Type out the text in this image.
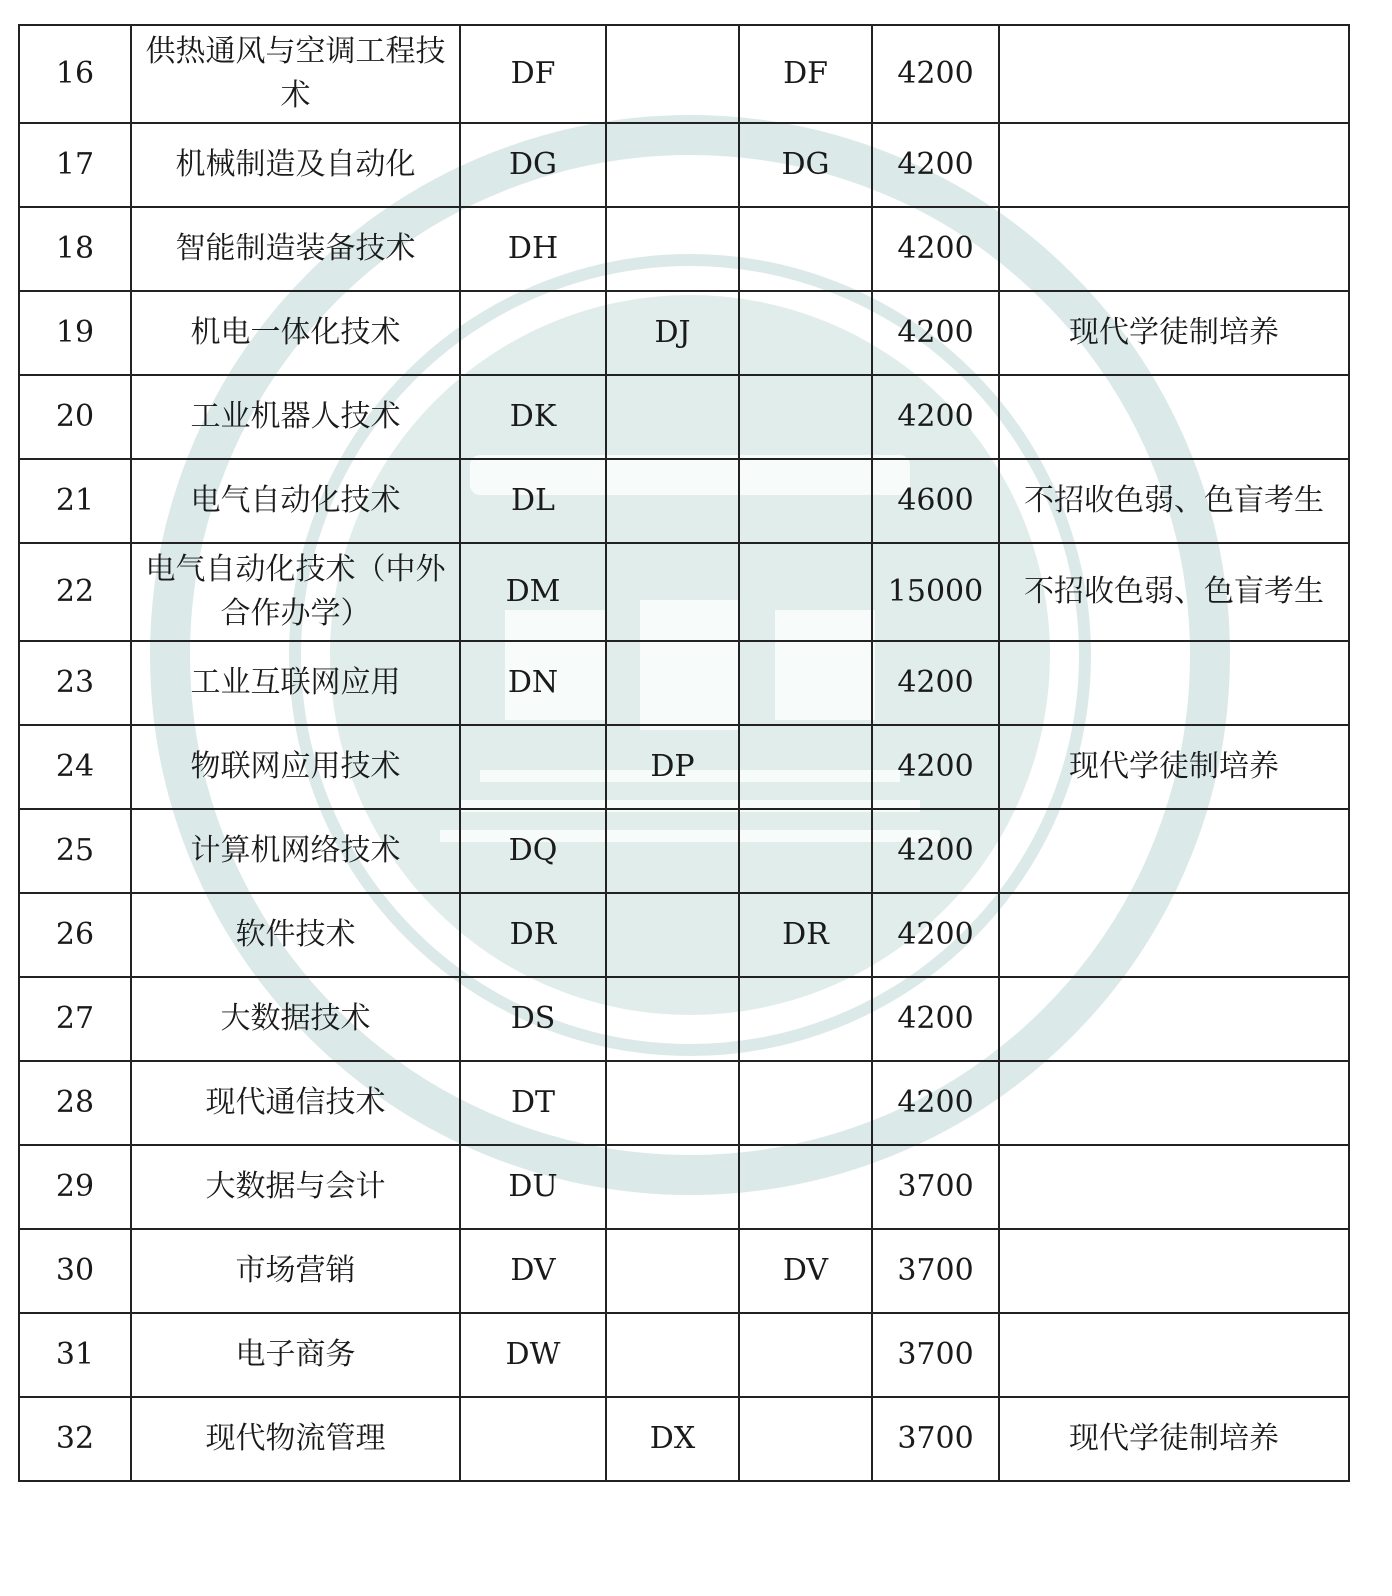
16	供热通风与空调工程技术	DF		DF	4200	
17	机械制造及自动化	DG		DG	4200	
18	智能制造装备技术	DH			4200	
19	机电一体化技术		DJ		4200	现代学徒制培养
20	工业机器人技术	DK			4200	
21	电气自动化技术	DL			4600	不招收色弱、色盲考生
22	电气自动化技术（中外合作办学）	DM			15000	不招收色弱、色盲考生
23	工业互联网应用	DN			4200	
24	物联网应用技术		DP		4200	现代学徒制培养
25	计算机网络技术	DQ			4200	
26	软件技术	DR		DR	4200	
27	大数据技术	DS			4200	
28	现代通信技术	DT			4200	
29	大数据与会计	DU			3700	
30	市场营销	DV		DV	3700	
31	电子商务	DW			3700	
32	现代物流管理		DX		3700	现代学徒制培养
